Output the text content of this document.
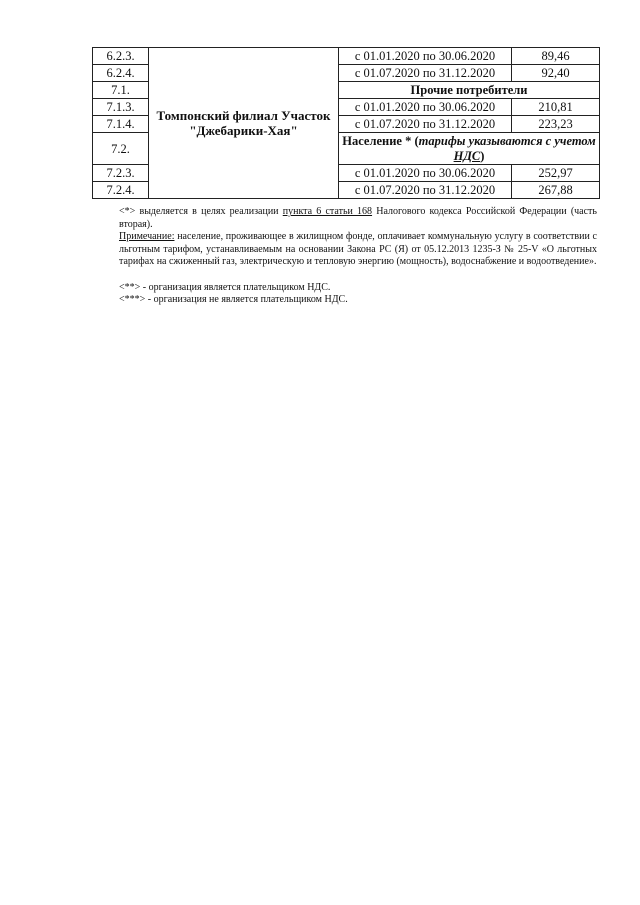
6.2.3.	Томпонский филиал Участок "Джебарики-Хая"	с 01.01.2020 по 30.06.2020	89,46
6.2.4.		с 01.07.2020 по 31.12.2020	92,40
7.1.		Прочие потребители	
7.1.3.		с 01.01.2020 по 30.06.2020	210,81
7.1.4.		с 01.07.2020 по 31.12.2020	223,23
7.2.		Население * (тарифы указываются с учетом НДС)	
7.2.3.		с 01.01.2020 по 30.06.2020	252,97
7.2.4.		с 01.07.2020 по 31.12.2020	267,88

<*> выделяется в целях реализации пункта 6 статьи 168 Налогового кодекса Российской Федерации (часть вторая).

Примечание: население, проживающее в жилищном фонде, оплачивает коммунальную услугу в соответствии с льготным тарифом, устанавливаемым на основании Закона РС (Я) от 05.12.2013 1235-З № 25-V «О льготных тарифах на сжиженный газ, электрическую и тепловую энергию (мощность), водоснабжение и водоотведение».

<**> - организация является плательщиком НДС.

<***> - организация не является плательщиком НДС.
